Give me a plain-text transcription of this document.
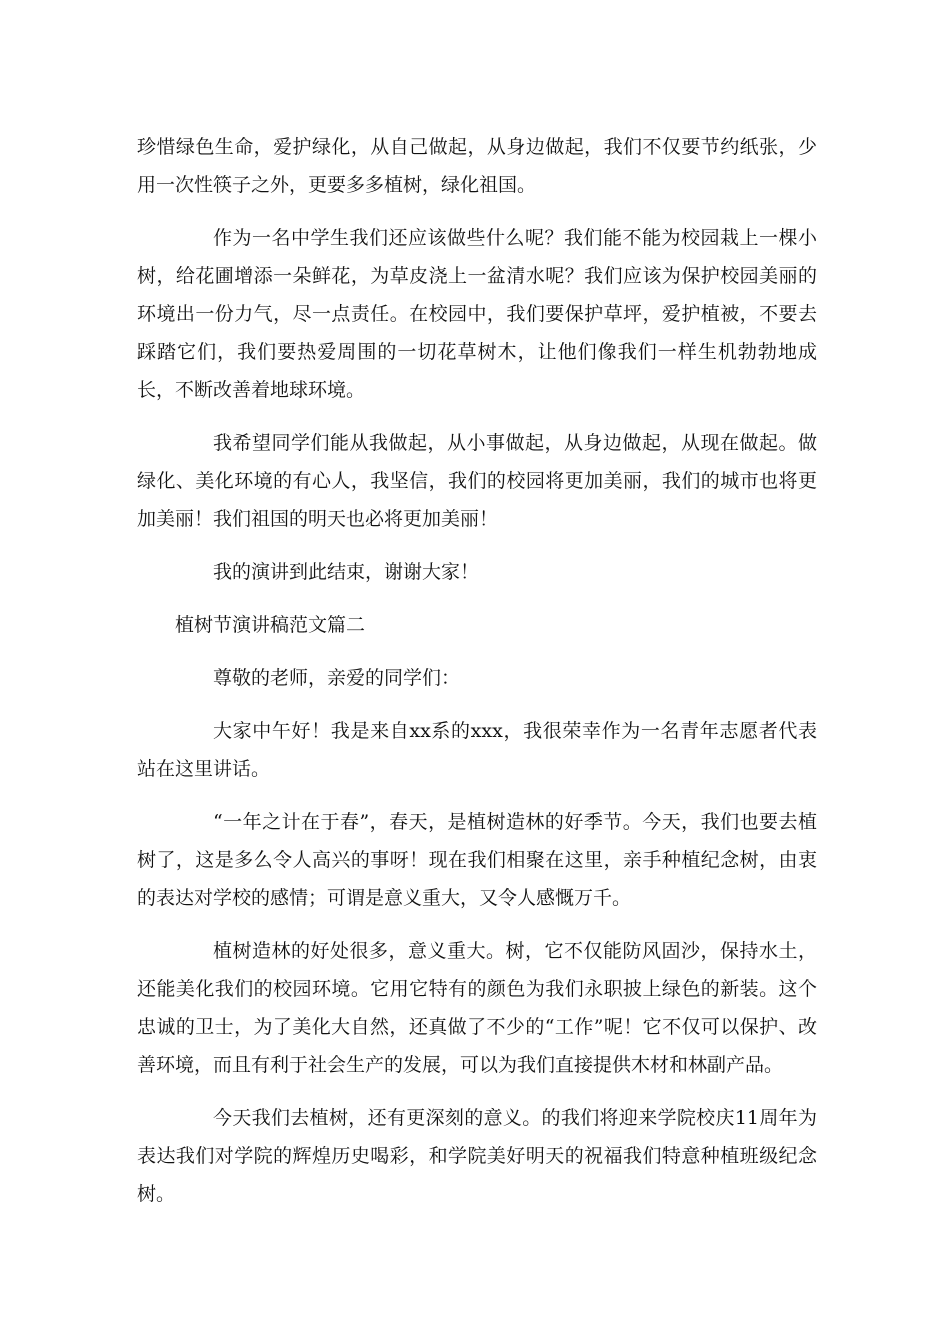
珍惜绿色生命，爱护绿化，从自己做起，从身边做起，我们不仅要节约纸张，少用一次性筷子之外，更要多多植树，绿化祖国。

作为一名中学生我们还应该做些什么呢？我们能不能为校园栽上一棵小树，给花圃增添一朵鲜花，为草皮浇上一盆清水呢？我们应该为保护校园美丽的环境出一份力气，尽一点责任。在校园中，我们要保护草坪，爱护植被，不要去踩踏它们，我们要热爱周围的一切花草树木，让他们像我们一样生机勃勃地成长，不断改善着地球环境。

我希望同学们能从我做起，从小事做起，从身边做起，从现在做起。做绿化、美化环境的有心人，我坚信，我们的校园将更加美丽，我们的城市也将更加美丽！我们祖国的明天也必将更加美丽！

我的演讲到此结束，谢谢大家！

植树节演讲稿范文篇二

尊敬的老师，亲爱的同学们：

大家中午好！我是来自xx系的xxx，我很荣幸作为一名青年志愿者代表站在这里讲话。

“一年之计在于春”，春天，是植树造林的好季节。今天，我们也要去植树了，这是多么令人高兴的事呀！现在我们相聚在这里，亲手种植纪念树，由衷的表达对学校的感情；可谓是意义重大，又令人感慨万千。

植树造林的好处很多，意义重大。树，它不仅能防风固沙，保持水土，还能美化我们的校园环境。它用它特有的颜色为我们永职披上绿色的新装。这个忠诚的卫士，为了美化大自然，还真做了不少的“工作”呢！它不仅可以保护、改善环境，而且有利于社会生产的发展，可以为我们直接提供木材和林副产品。

今天我们去植树，还有更深刻的意义。的我们将迎来学院校庆11周年为表达我们对学院的辉煌历史喝彩，和学院美好明天的祝福我们特意种植班级纪念树。
